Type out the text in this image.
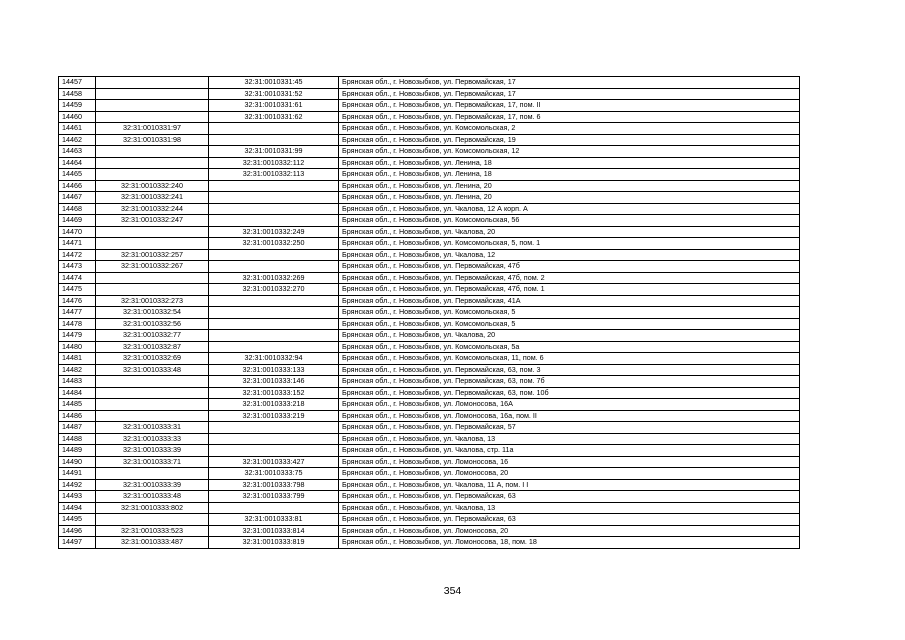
14457		32:31:0010331:45	Брянская обл., г. Новозыбков, ул. Первомайская, 17
14458		32:31:0010331:52	Брянская обл., г. Новозыбков, ул. Первомайская, 17
14459		32:31:0010331:61	Брянская обл., г. Новозыбков, ул. Первомайская, 17, пом. II
14460		32:31:0010331:62	Брянская обл., г. Новозыбков, ул. Первомайская, 17, пом. 6
14461	32:31:0010331:97		Брянская обл., г. Новозыбков, ул. Комсомольская, 2
14462	32:31:0010331:98		Брянская обл., г. Новозыбков, ул. Первомайская, 19
14463		32:31:0010331:99	Брянская обл., г. Новозыбков, ул. Комсомольская, 12
14464		32:31:0010332:112	Брянская обл., г. Новозыбков, ул. Ленина, 18
14465		32:31:0010332:113	Брянская обл., г. Новозыбков, ул. Ленина, 18
14466	32:31:0010332:240		Брянская обл., г. Новозыбков, ул. Ленина, 20
14467	32:31:0010332:241		Брянская обл., г. Новозыбков, ул. Ленина, 20
14468	32:31:0010332:244		Брянская обл., г. Новозыбков, ул. Чкалова, 12 А корп. А
14469	32:31:0010332:247		Брянская обл., г. Новозыбков, ул. Комсомольская, 56
14470		32:31:0010332:249	Брянская обл., г. Новозыбков, ул. Чкалова, 20
14471		32:31:0010332:250	Брянская обл., г. Новозыбков, ул. Комсомольская, 5, пом. 1
14472	32:31:0010332:257		Брянская обл., г. Новозыбков, ул. Чкалова, 12
14473	32:31:0010332:267		Брянская обл., г. Новозыбков, ул. Первомайская, 47б
14474		32:31:0010332:269	Брянская обл., г. Новозыбков, ул. Первомайская, 47б, пом. 2
14475		32:31:0010332:270	Брянская обл., г. Новозыбков, ул. Первомайская, 47б, пом. 1
14476	32:31:0010332:273		Брянская обл., г. Новозыбков, ул. Первомайская, 41А
14477	32:31:0010332:54		Брянская обл., г. Новозыбков, ул. Комсомольская, 5
14478	32:31:0010332:56		Брянская обл., г. Новозыбков, ул. Комсомольская, 5
14479	32:31:0010332:77		Брянская обл., г. Новозыбков, ул. Чкалова, 20
14480	32:31:0010332:87		Брянская обл., г. Новозыбков, ул. Комсомольская, 5а
14481	32:31:0010332:69	32:31:0010332:94	Брянская обл., г. Новозыбков, ул. Комсомольская, 11, пом. 6
14482	32:31:0010333:48	32:31:0010333:133	Брянская обл., г. Новозыбков, ул. Первомайская, 63, пом. 3
14483		32:31:0010333:146	Брянская обл., г. Новозыбков, ул. Первомайская, 63, пом. 7б
14484		32:31:0010333:152	Брянская обл., г. Новозыбков, ул. Первомайская, 63, пом. 10б
14485		32:31:0010333:218	Брянская обл., г. Новозыбков, ул. Ломоносова, 16А
14486		32:31:0010333:219	Брянская обл., г. Новозыбков, ул. Ломоносова, 16а, пом. II
14487	32:31:0010333:31		Брянская обл., г. Новозыбков, ул. Первомайская, 57
14488	32:31:0010333:33		Брянская обл., г. Новозыбков, ул. Чкалова, 13
14489	32:31:0010333:39		Брянская обл., г. Новозыбков, ул. Чкалова, стр. 11а
14490	32:31:0010333:71	32:31:0010333:427	Брянская обл., г. Новозыбков, ул. Ломоносова, 16
14491		32:31:0010333:75	Брянская обл., г. Новозыбков, ул. Ломоносова, 20
14492	32:31:0010333:39	32:31:0010333:798	Брянская обл., г. Новозыбков, ул. Чкалова, 11 А, пом. I I
14493	32:31:0010333:48	32:31:0010333:799	Брянская обл., г. Новозыбков, ул. Первомайская, 63
14494	32:31:0010333:802		Брянская обл., г. Новозыбков, ул. Чкалова, 13
14495		32:31:0010333:81	Брянская обл., г. Новозыбков, ул. Первомайская, 63
14496	32:31:0010333:523	32:31:0010333:814	Брянская обл., г. Новозыбков, ул. Ломоносова, 20
14497	32:31:0010333:487	32:31:0010333:819	Брянская обл., г. Новозыбков, ул. Ломоносова, 18, пом. 18
354
